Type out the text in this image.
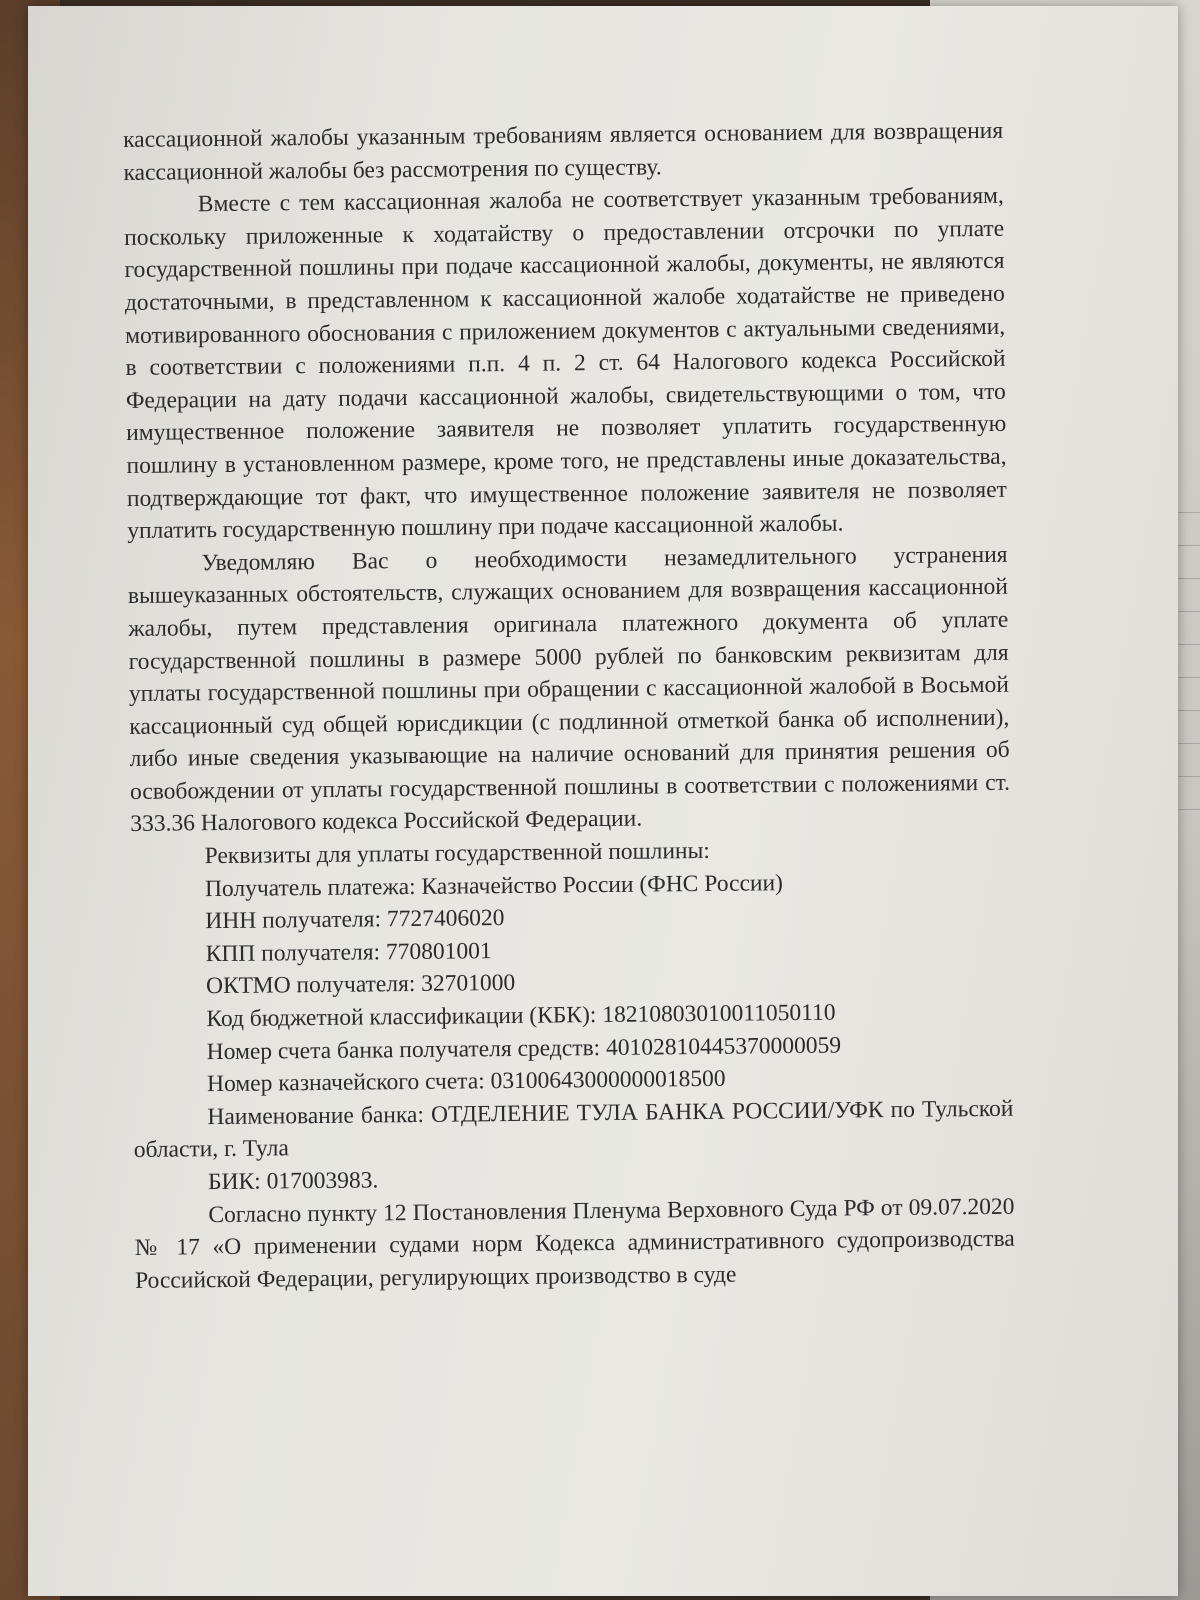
кассационной жалобы указанным требованиям является основанием для возвращения кассационной жалобы без рассмотрения по существу.

Вместе с тем кассационная жалоба не соответствует указанным требованиям, поскольку приложенные к ходатайству о предоставлении отсрочки по уплате государственной пошлины при подаче кассационной жалобы, документы, не являются достаточными, в представленном к кассационной жалобе ходатайстве не приведено мотивированного обоснования с приложением документов с актуальными сведениями, в соответствии с положениями п.п. 4 п. 2 ст. 64 Налогового кодекса Российской Федерации на дату подачи кассационной жалобы, свидетельствующими о том, что имущественное положение заявителя не позволяет уплатить государственную пошлину в установленном размере, кроме того, не представлены иные доказательства, подтверждающие тот факт, что имущественное положение заявителя не позволяет уплатить государственную пошлину при подаче кассационной жалобы.

Уведомляю Вас о необходимости незамедлительного устранения вышеуказанных обстоятельств, служащих основанием для возвращения кассационной жалобы, путем представления оригинала платежного документа об уплате государственной пошлины в размере 5000 рублей по банковским реквизитам для уплаты государственной пошлины при обращении с кассационной жалобой в Восьмой кассационный суд общей юрисдикции (с подлинной отметкой банка об исполнении), либо иные сведения указывающие на наличие оснований для принятия решения об освобождении от уплаты государственной пошлины в соответствии с положениями ст. 333.36 Налогового кодекса Российской Федерации.

Реквизиты для уплаты государственной пошлины:

Получатель платежа: Казначейство России (ФНС России)
ИНН получателя: 7727406020
КПП получателя: 770801001
ОКТМО получателя: 32701000
Код бюджетной классификации (КБК): 18210803010011050110
Номер счета банка получателя средств: 40102810445370000059
Номер казначейского счета: 03100643000000018500
Наименование банка: ОТДЕЛЕНИЕ ТУЛА БАНКА РОССИИ/УФК по Тульской области, г. Тула
БИК: 017003983.

Согласно пункту 12 Постановления Пленума Верховного Суда РФ от 09.07.2020 № 17 «О применении судами норм Кодекса административного судопроизводства Российской Федерации, регулирующих производство в суде
